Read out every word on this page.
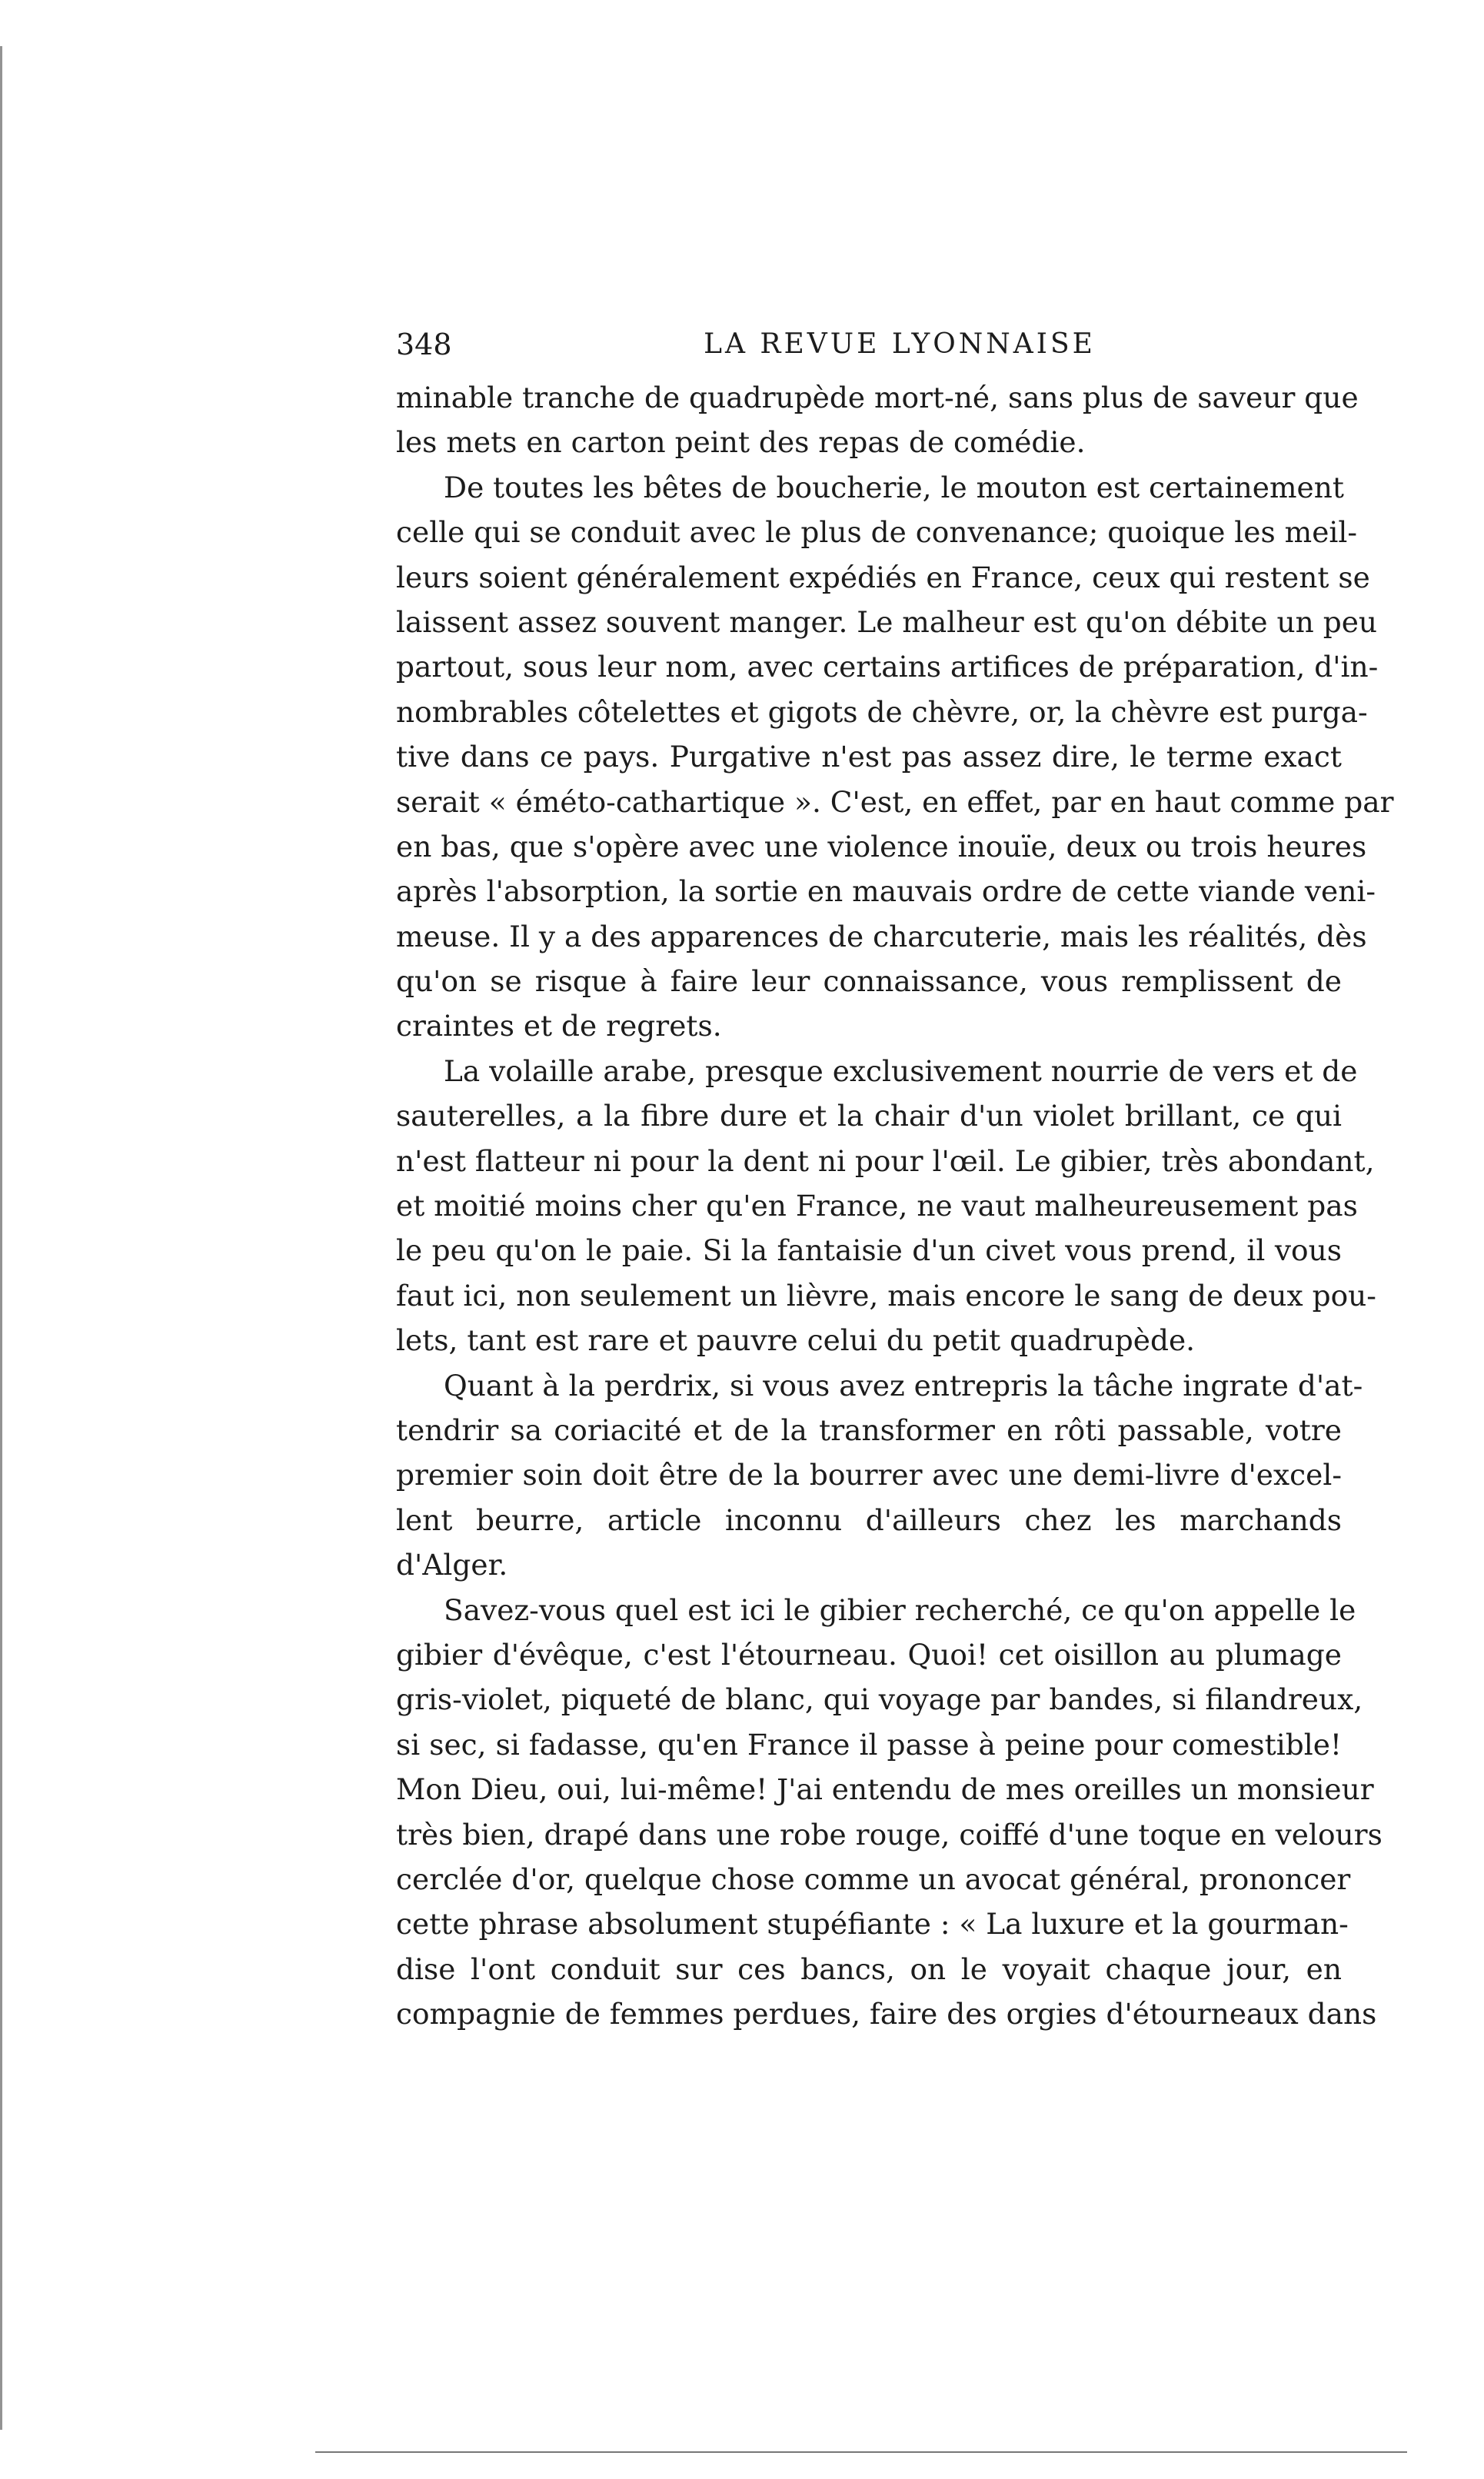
348	LA REVUE LYONNAISE
minable tranche de quadrupède mort-né, sans plus de saveur que
les mets en carton peint des repas de comédie.
De toutes les bêtes de boucherie, le mouton est certainement
celle qui se conduit avec le plus de convenance; quoique les meil-
leurs soient généralement expédiés en France, ceux qui restent se
laissent assez souvent manger. Le malheur est qu'on débite un peu
partout, sous leur nom, avec certains artifices de préparation, d'in-
nombrables côtelettes et gigots de chèvre, or, la chèvre est purga-
tive dans ce pays. Purgative n'est pas assez dire, le terme exact
serait « éméto-cathartique ». C'est, en effet, par en haut comme par
en bas, que s'opère avec une violence inouïe, deux ou trois heures
après l'absorption, la sortie en mauvais ordre de cette viande veni-
meuse. Il y a des apparences de charcuterie, mais les réalités, dès
qu'on se risque à faire leur connaissance, vous remplissent de
craintes et de regrets.
La volaille arabe, presque exclusivement nourrie de vers et de
sauterelles, a la fibre dure et la chair d'un violet brillant, ce qui
n'est flatteur ni pour la dent ni pour l'œil. Le gibier, très abondant,
et moitié moins cher qu'en France, ne vaut malheureusement pas
le peu qu'on le paie. Si la fantaisie d'un civet vous prend, il vous
faut ici, non seulement un lièvre, mais encore le sang de deux pou-
lets, tant est rare et pauvre celui du petit quadrupède.
Quant à la perdrix, si vous avez entrepris la tâche ingrate d'at-
tendrir sa coriacité et de la transformer en rôti passable, votre
premier soin doit être de la bourrer avec une demi-livre d'excel-
lent beurre, article inconnu d'ailleurs chez les marchands
d'Alger.
Savez-vous quel est ici le gibier recherché, ce qu'on appelle le
gibier d'évêque, c'est l'étourneau. Quoi! cet oisillon au plumage
gris-violet, piqueté de blanc, qui voyage par bandes, si filandreux,
si sec, si fadasse, qu'en France il passe à peine pour comestible!
Mon Dieu, oui, lui-même! J'ai entendu de mes oreilles un monsieur
très bien, drapé dans une robe rouge, coiffé d'une toque en velours
cerclée d'or, quelque chose comme un avocat général, prononcer
cette phrase absolument stupéfiante : « La luxure et la gourman-
dise l'ont conduit sur ces bancs, on le voyait chaque jour, en
compagnie de femmes perdues, faire des orgies d'étourneaux dans
